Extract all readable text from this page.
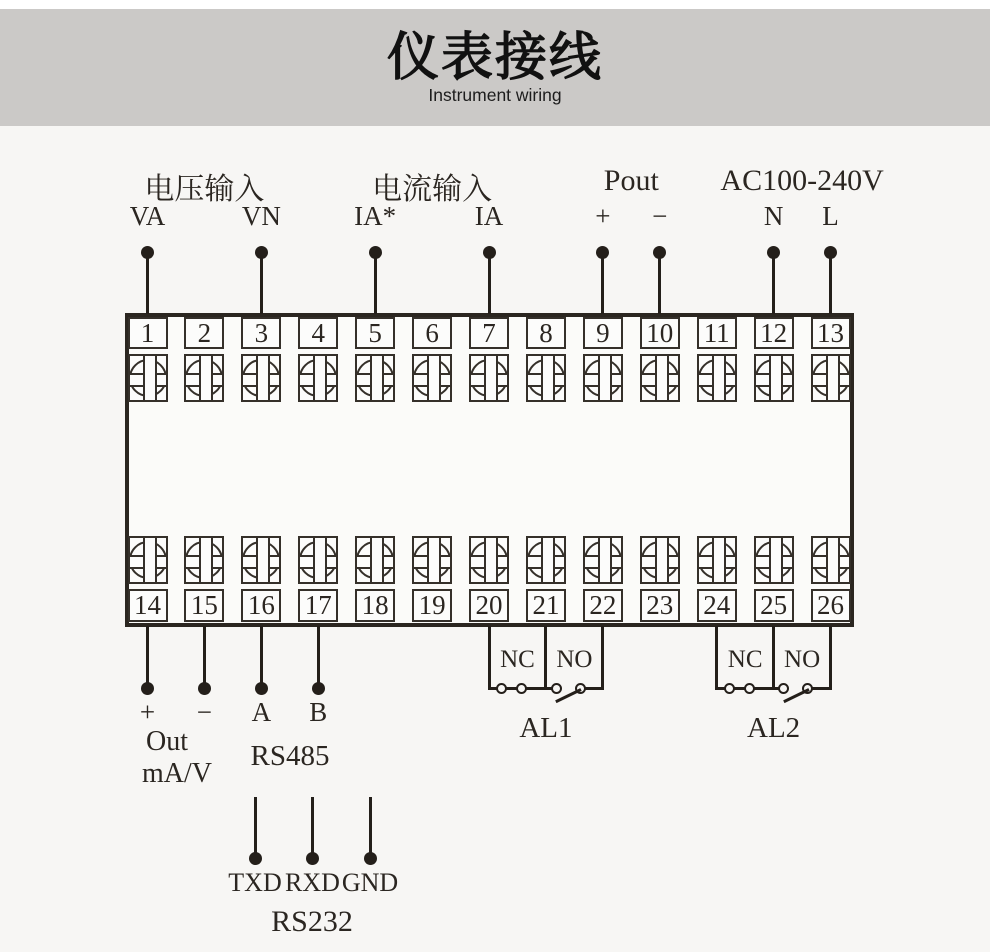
仪表接线
Instrument wiring
Out
mA/V
RS485
RS232
1	2	3	4	5	6	7	8	9	10 11 12 13
14 15 16 17 18 19 20 21 22 23 24 25 26
电压输入
VA	VN
电流输入
IA*	IA
Pout
+	−
AC100-240V
N	L
+	−	A	B
NC NO
AL1
NC NO
AL2
TXD RXD GND
